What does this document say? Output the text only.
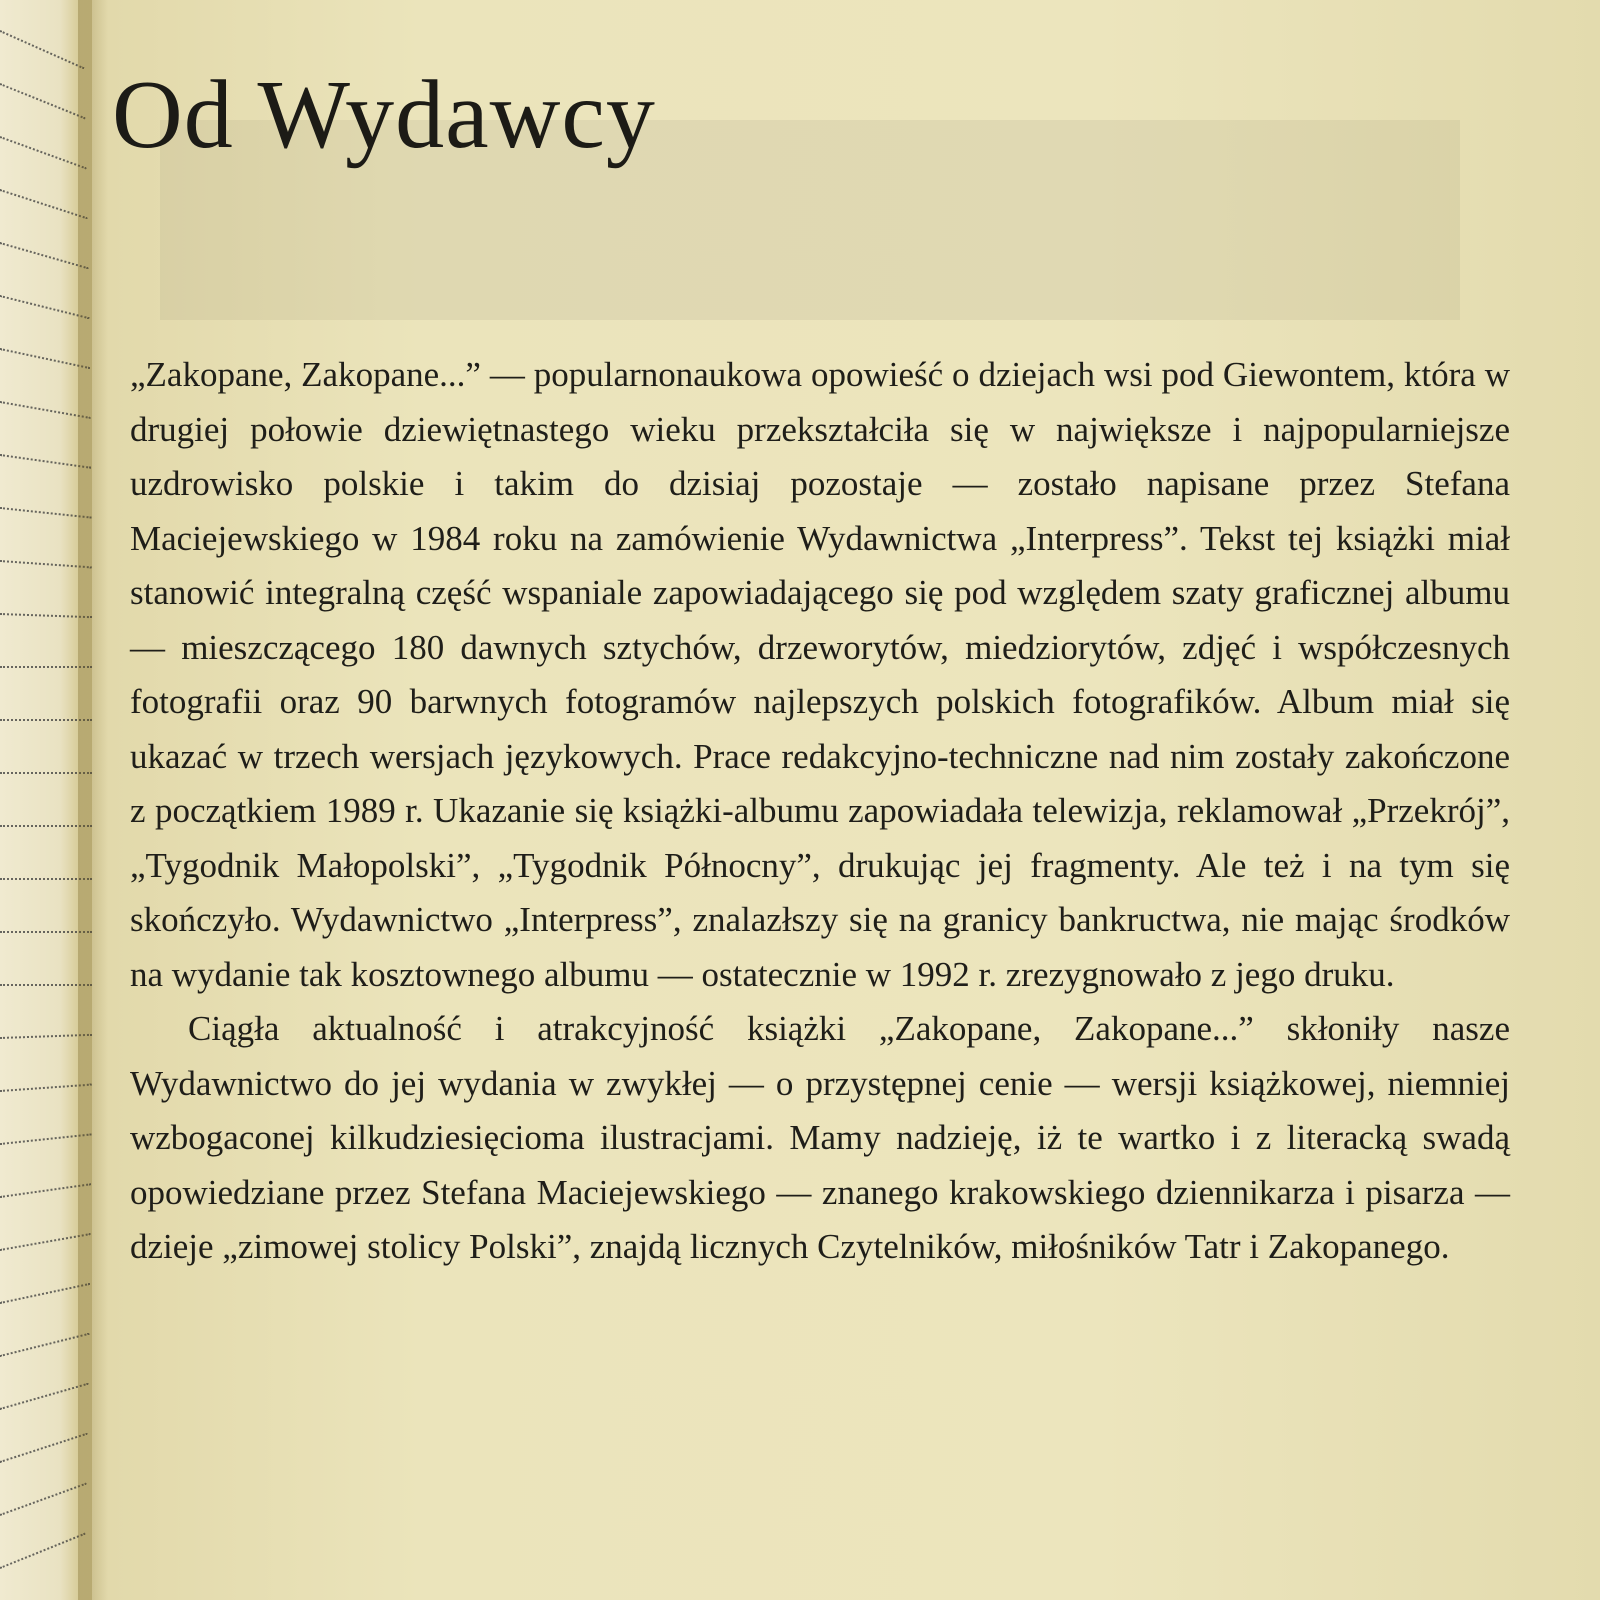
Od Wydawcy

„Zakopane, Zakopane...” — popularnonaukowa opowieść o dziejach wsi pod Giewontem, która w drugiej połowie dziewiętnastego wieku przekształciła się w największe i najpopularniejsze uzdrowisko polskie i takim do dzisiaj pozostaje — zostało napisane przez Stefana Maciejewskiego w 1984 roku na zamówienie Wydawnictwa „Interpress”. Tekst tej książki miał stanowić integralną część wspaniale zapowiadającego się pod względem szaty graficznej albumu — mieszczącego 180 dawnych sztychów, drzeworytów, miedziorytów, zdjęć i współczesnych fotografii oraz 90 barwnych fotogramów najlepszych polskich fotografików. Album miał się ukazać w trzech wersjach językowych. Prace redakcyjno-techniczne nad nim zostały zakończone z początkiem 1989 r. Ukazanie się książki-albumu zapowiadała telewizja, reklamował „Przekrój”, „Tygodnik Małopolski”, „Tygodnik Północny”, drukując jej fragmenty. Ale też i na tym się skończyło. Wydawnictwo „Interpress”, znalazłszy się na granicy bankructwa, nie mając środków na wydanie tak kosztownego albumu — ostatecznie w 1992 r. zrezygnowało z jego druku.

Ciągła aktualność i atrakcyjność książki „Zakopane, Zakopane...” skłoniły nasze Wydawnictwo do jej wydania w zwykłej — o przystępnej cenie — wersji książkowej, niemniej wzbogaconej kilkudziesięcioma ilustracjami. Mamy nadzieję, iż te wartko i z literacką swadą opowiedziane przez Stefana Maciejewskiego — znanego krakowskiego dziennikarza i pisarza — dzieje „zimowej stolicy Polski”, znajdą licznych Czytelników, miłośników Tatr i Zakopanego.
